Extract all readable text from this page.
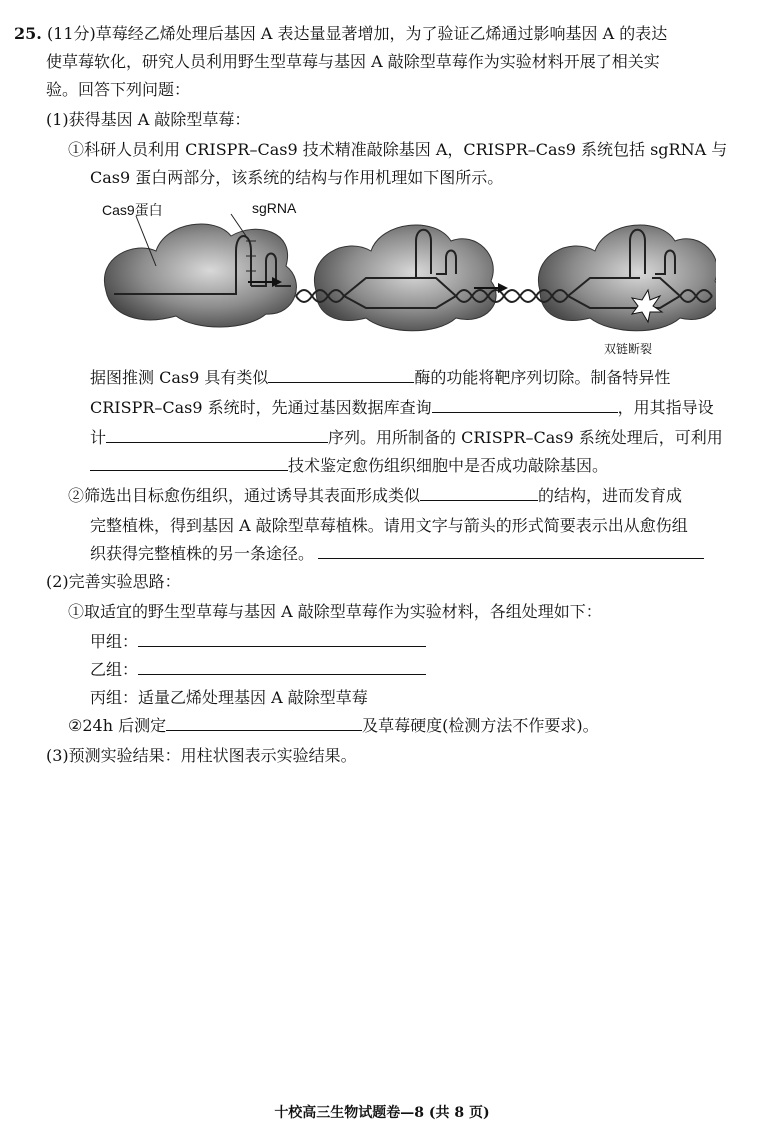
25. (11分)草莓经乙烯处理后基因 A 表达量显著增加，为了验证乙烯通过影响基因 A 的表达
使草莓软化，研究人员利用野生型草莓与基因 A 敲除型草莓作为实验材料开展了相关实
验。回答下列问题：
(1)获得基因 A 敲除型草莓：
①科研人员利用 CRISPR–Cas9 技术精准敲除基因 A，CRISPR–Cas9 系统包括 sgRNA 与
Cas9 蛋白两部分，该系统的结构与作用机理如下图所示。
Cas9蛋白	sgRNA
双链断裂
据图推测 Cas9 具有类似	酶的功能将靶序列切除。制备特异性
CRISPR–Cas9 系统时，先通过基因数据库查询	，用其指导设
计	序列。用所制备的 CRISPR–Cas9 系统处理后，可利用
技术鉴定愈伤组织细胞中是否成功敲除基因。
②筛选出目标愈伤组织，通过诱导其表面形成类似	的结构，进而发育成
完整植株，得到基因 A 敲除型草莓植株。请用文字与箭头的形式简要表示出从愈伤组
织获得完整植株的另一条途径。
(2)完善实验思路：
①取适宜的野生型草莓与基因 A 敲除型草莓作为实验材料，各组处理如下：
甲组：
乙组：
丙组：适量乙烯处理基因 A 敲除型草莓
②24h 后测定	及草莓硬度(检测方法不作要求)。
(3)预测实验结果：用柱状图表示实验结果。
十校高三生物试题卷—8 (共 8 页)
